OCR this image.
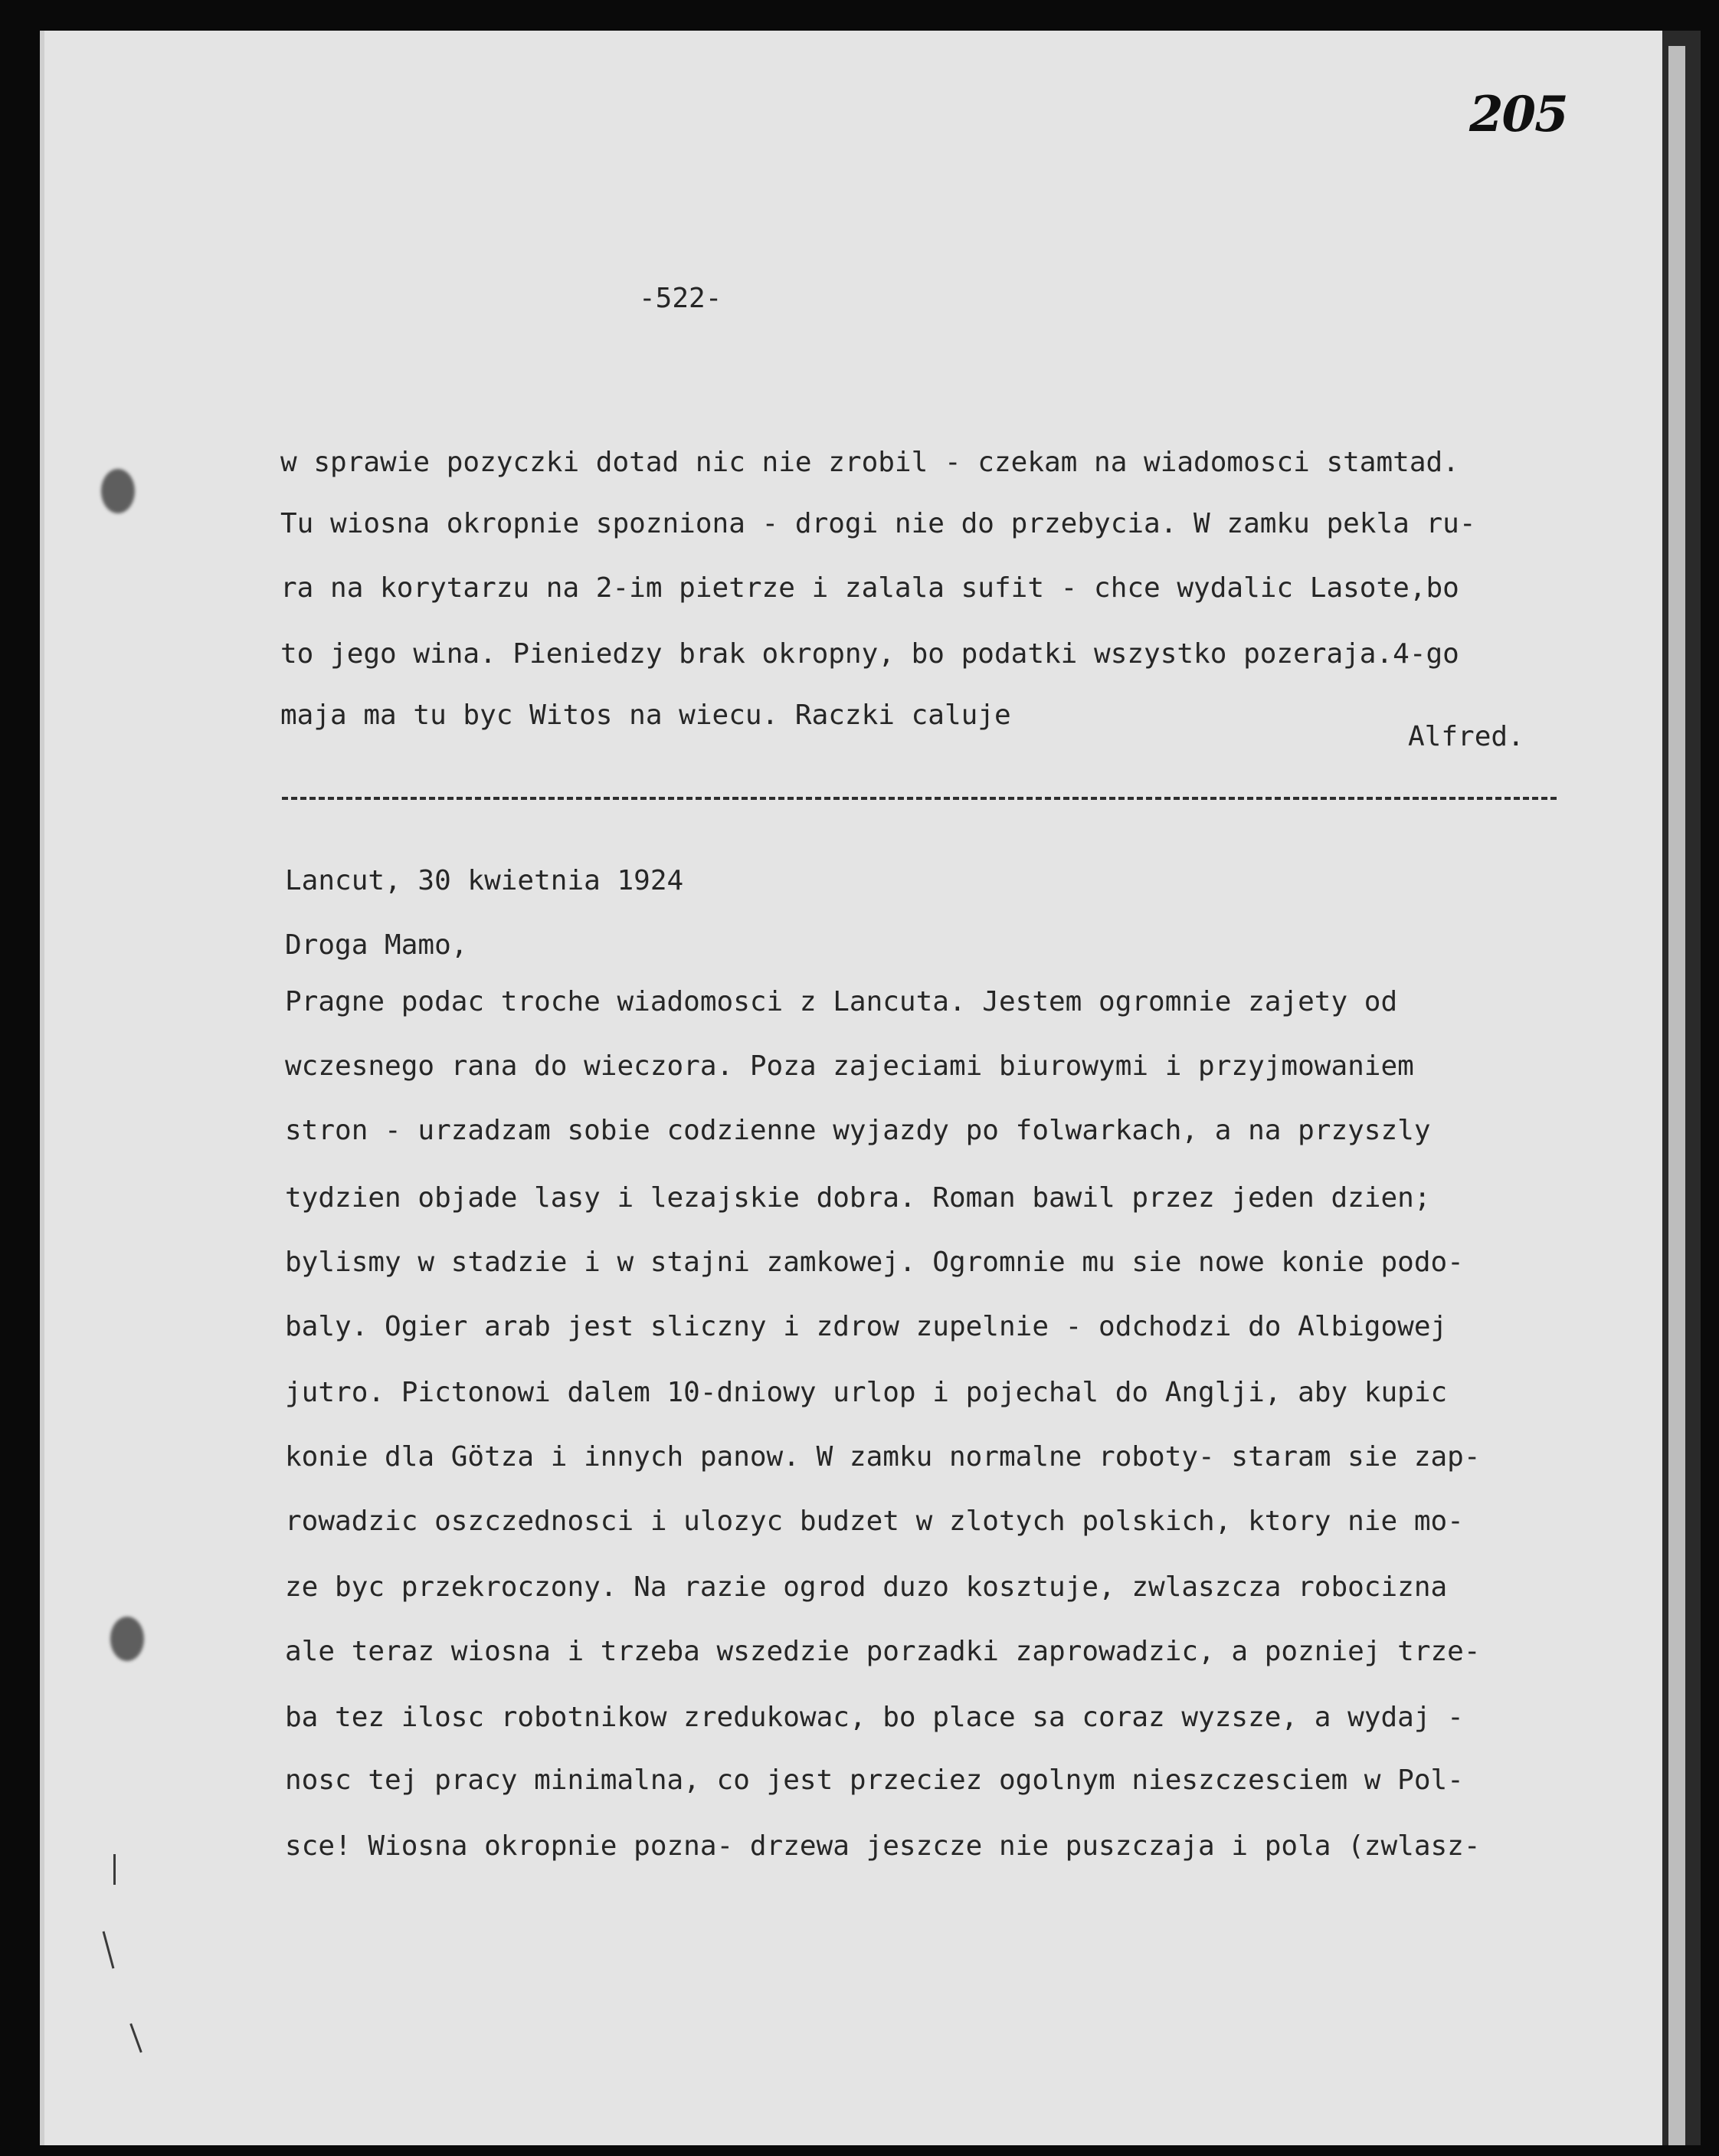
205
-522-
w sprawie pozyczki dotad nic nie zrobil - czekam na wiadomosci stamtad.
Tu wiosna okropnie spozniona - drogi nie do przebycia. W zamku pekla ru-
ra na korytarzu na 2-im pietrze i zalala sufit - chce wydalic Lasote,bo
to jego wina. Pieniedzy brak okropny, bo podatki wszystko pozeraja.4-go
maja ma tu byc Witos na wiecu. Raczki caluje
Alfred.
Lancut, 30 kwietnia 1924
Droga Mamo,
Pragne podac troche wiadomosci z Lancuta. Jestem ogromnie zajety od
wczesnego rana do wieczora. Poza zajeciami biurowymi i przyjmowaniem
stron - urzadzam sobie codzienne wyjazdy po folwarkach, a na przyszly
tydzien objade lasy i lezajskie dobra. Roman bawil przez jeden dzien;
bylismy w stadzie i w stajni zamkowej. Ogromnie mu sie nowe konie podo-
baly. Ogier arab jest sliczny i zdrow zupelnie - odchodzi do Albigowej
jutro. Pictonowi dalem 10-dniowy urlop i pojechal do Anglji, aby kupic
konie dla Götza i innych panow. W zamku normalne roboty- staram sie zap-
rowadzic oszczednosci i ulozyc budzet w zlotych polskich, ktory nie mo-
ze byc przekroczony. Na razie ogrod duzo kosztuje, zwlaszcza robocizna
ale teraz wiosna i trzeba wszedzie porzadki zaprowadzic, a pozniej trze-
ba tez ilosc robotnikow zredukowac, bo place sa coraz wyzsze, a wydaj -
nosc tej pracy minimalna, co jest przeciez ogolnym nieszczesciem w Pol-
sce! Wiosna okropnie pozna- drzewa jeszcze nie puszczaja i pola (zwlasz-
